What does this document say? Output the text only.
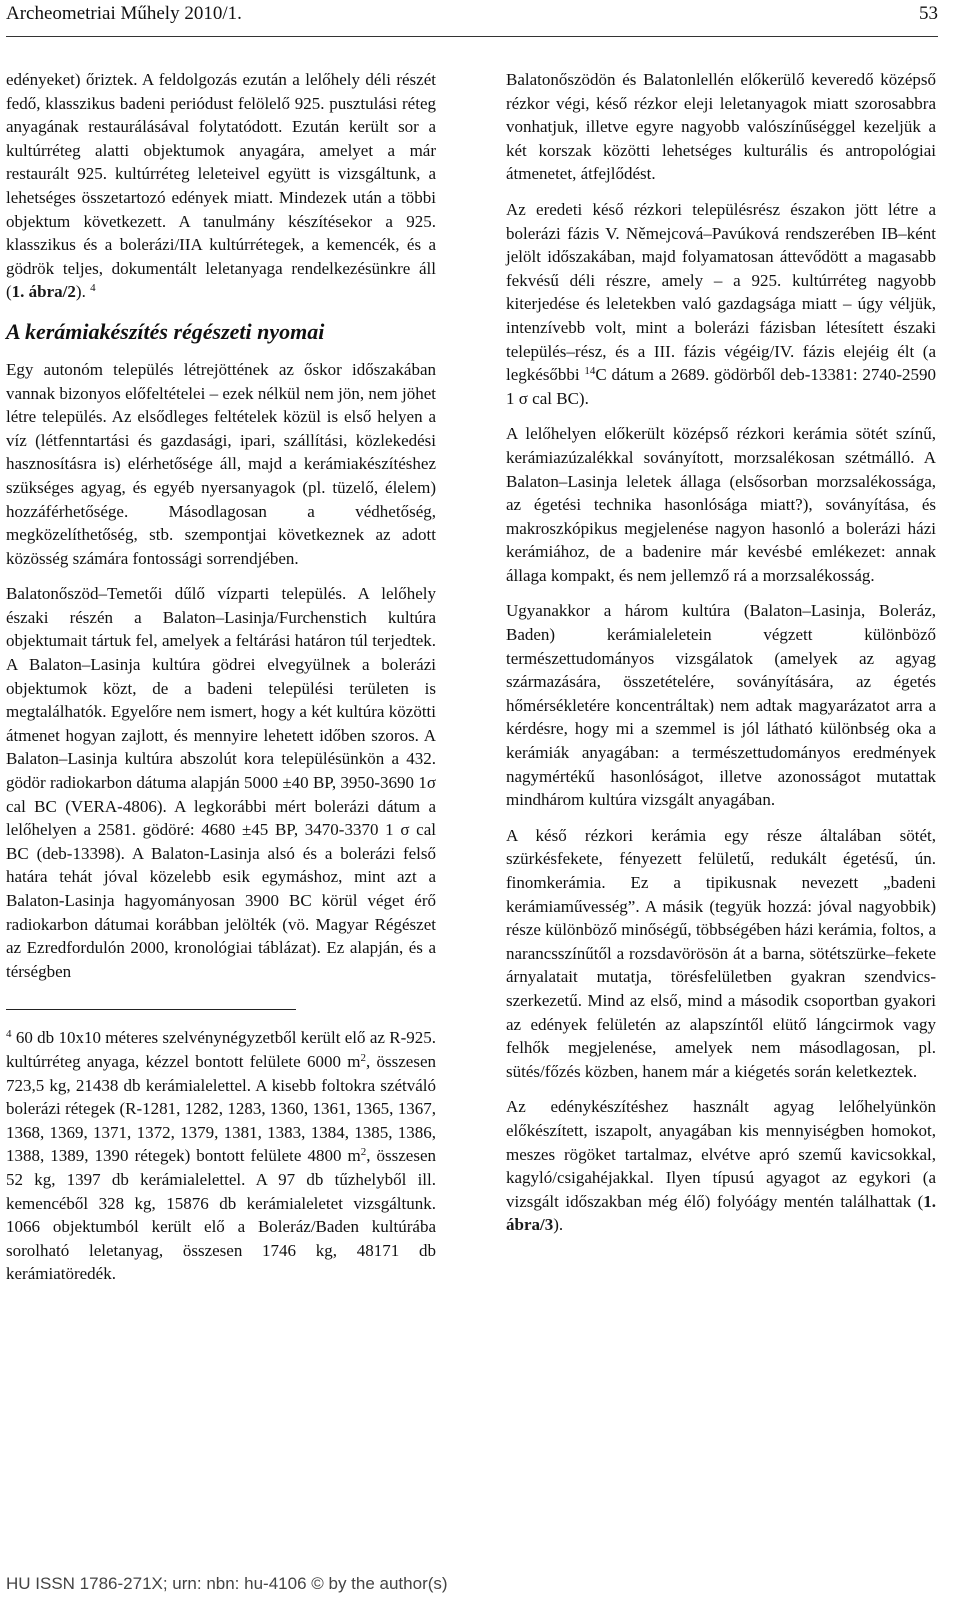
Archeometriai Műhely 2010/1.	53

edényeket) őriztek. A feldolgozás ezután a lelőhely déli részét fedő, klasszikus badeni periódust felölelő 925. pusztulási réteg anyagának restaurálásával folytatódott. Ezután került sor a kultúrréteg alatti objektumok anyagára, amelyet a már restaurált 925. kultúrréteg leleteivel együtt is vizsgáltunk, a lehetséges összetartozó edények miatt. Mindezek után a többi objektum következett. A tanulmány készítésekor a 925. klasszikus és a bolerázi/IIA kultúrrétegek, a kemencék, és a gödrök teljes, dokumentált leletanyaga rendelkezésünkre áll (1. ábra/2). $^4$

A kerámiakészítés régészeti nyomai

Egy autonóm település létrejöttének az őskor időszakában vannak bizonyos előfeltételei – ezek nélkül nem jön, nem jöhet létre település. Az elsődleges feltételek közül is első helyen a víz (létfenntartási és gazdasági, ipari, szállítási, közlekedési hasznosításra is) elérhetősége áll, majd a kerámiakészítéshez szükséges agyag, és egyéb nyersanyagok (pl. tüzelő, élelem) hozzáférhetősége. Másodlagosan a védhetőség, megközelíthetőség, stb. szempontjai következnek az adott közösség számára fontossági sorrendjében.

Balatonőszöd–Temetői dűlő vízparti település. A lelőhely északi részén a Balaton–Lasinja/Furchenstich kultúra objektumait tártuk fel, amelyek a feltárási határon túl terjedtek. A Balaton–Lasinja kultúra gödrei elvegyülnek a bolerázi objektumok közt, de a badeni települési területen is megtalálhatók. Egyelőre nem ismert, hogy a két kultúra közötti átmenet hogyan zajlott, és mennyire lehetett időben szoros. A Balaton–Lasinja kultúra abszolút kora településünkön a 432. gödör radiokarbon dátuma alapján 5000 ±40 BP, 3950-3690 1σ cal BC (VERA-4806). A legkorábbi mért bolerázi dátum a lelőhelyen a 2581. gödöré: 4680 ±45 BP, 3470-3370 1 σ cal BC (deb-13398). A Balaton-Lasinja alsó és a bolerázi felső határa tehát jóval közelebb esik egymáshoz, mint azt a Balaton-Lasinja hagyományosan 3900 BC körül véget érő radiokarbon dátumai korábban jelölték (vö. Magyar Régészet az Ezredfordulón 2000, kronológiai táblázat). Ez alapján, és a térségben

$^4$ 60 db 10x10 méteres szelvénynégyzetből került elő az R-925. kultúrréteg anyaga, kézzel bontott felülete 6000 $m^2$, összesen 723,5 kg, 21438 db kerámialelettel. A kisebb foltokra szétváló bolerázi rétegek (R-1281, 1282, 1283, 1360, 1361, 1365, 1367, 1368, 1369, 1371, 1372, 1379, 1381, 1383, 1384, 1385, 1386, 1388, 1389, 1390 rétegek) bontott felülete 4800 $m^2$, összesen 52 kg, 1397 db kerámialelettel. A 97 db tűzhelyből ill. kemencéből 328 kg, 15876 db kerámialeletet vizsgáltunk. 1066 objektumból került elő a Boleráz/Baden kultúrába sorolható leletanyag, összesen 1746 kg, 48171 db kerámiatöredék.

Balatonőszödön és Balatonlellén előkerülő keveredő középső rézkor végi, késő rézkor eleji leletanyagok miatt szorosabbra vonhatjuk, illetve egyre nagyobb valószínűséggel kezeljük a két korszak közötti lehetséges kulturális és antropológiai átmenetet, átfejlődést.

Az eredeti késő rézkori településrész északon jött létre a bolerázi fázis V. Němejcová–Pavúková rendszerében IB–ként jelölt időszakában, majd folyamatosan áttevődött a magasabb fekvésű déli részre, amely – a 925. kultúrréteg nagyobb kiterjedése és leletekben való gazdagsága miatt – úgy véljük, intenzívebb volt, mint a bolerázi fázisban létesített északi település–rész, és a III. fázis végéig/IV. fázis elejéig élt (a legkésőbbi $^{14}$C dátum a 2689. gödörből deb-13381: 2740-2590 1 σ cal BC).

A lelőhelyen előkerült középső rézkori kerámia sötét színű, kerámiazúzalékkal soványított, morzsalékosan szétmálló. A Balaton–Lasinja leletek állaga (elsősorban morzsalékossága, az égetési technika hasonlósága miatt?), soványítása, és makroszkópikus megjelenése nagyon hasonló a bolerázi házi kerámiához, de a badenire már kevésbé emlékezet: annak állaga kompakt, és nem jellemző rá a morzsalékosság.

Ugyanakkor a három kultúra (Balaton–Lasinja, Boleráz, Baden) kerámialeletein végzett különböző természettudományos vizsgálatok (amelyek az agyag származására, összetételére, soványítására, az égetés hőmérsékletére koncentráltak) nem adtak magyarázatot arra a kérdésre, hogy mi a szemmel is jól látható különbség oka a kerámiák anyagában: a természettudományos eredmények nagymértékű hasonlóságot, illetve azonosságot mutattak mindhárom kultúra vizsgált anyagában.

A késő rézkori kerámia egy része általában sötét, szürkésfekete, fényezett felületű, redukált égetésű, ún. finomkerámia. Ez a tipikusnak nevezett „badeni kerámiaművesség”. A másik (tegyük hozzá: jóval nagyobbik) része különböző minőségű, többségében házi kerámia, foltos, a narancsszínűtől a rozsdavörösön át a barna, sötétszürke–fekete árnyalatait mutatja, törésfelületben gyakran szendvics-szerkezetű. Mind az első, mind a második csoportban gyakori az edények felületén az alapszíntől elütő lángcirmok vagy felhők megjelenése, amelyek nem másodlagosan, pl. sütés/főzés közben, hanem már a kiégetés során keletkeztek.

Az edénykészítéshez használt agyag lelőhelyünkön előkészített, iszapolt, anyagában kis mennyiségben homokot, meszes rögöket tartalmaz, elvétve apró szemű kavicsokkal, kagyló/csigahéjakkal. Ilyen típusú agyagot az egykori (a vizsgált időszakban még élő) folyóágy mentén találhattak (1. ábra/3).

HU ISSN 1786-271X; urn: nbn: hu-4106 © by the author(s)
